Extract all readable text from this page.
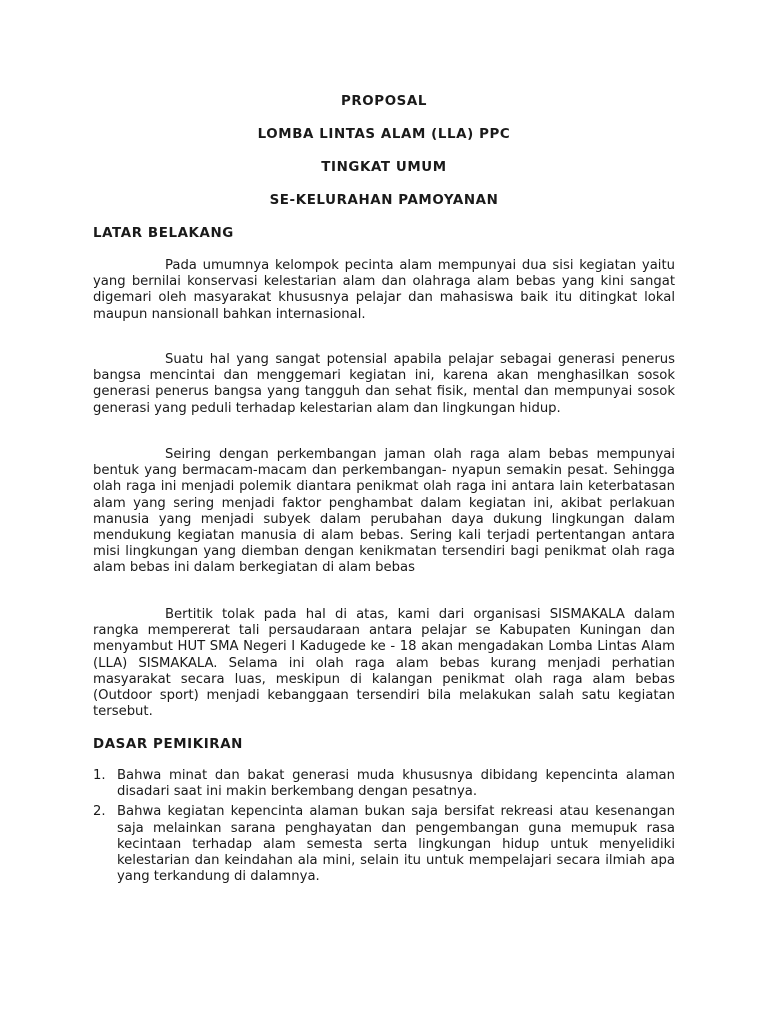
PROPOSAL

LOMBA LINTAS ALAM (LLA) PPC

TINGKAT UMUM

SE-KELURAHAN PAMOYANAN

LATAR BELAKANG

Pada umumnya kelompok pecinta alam mempunyai dua sisi kegiatan yaitu yang bernilai konservasi kelestarian alam dan olahraga alam bebas yang kini sangat digemari oleh masyarakat khususnya pelajar dan mahasiswa baik itu ditingkat lokal maupun nansionall bahkan internasional.

Suatu hal yang sangat potensial apabila pelajar sebagai generasi penerus bangsa mencintai dan menggemari kegiatan ini, karena akan menghasilkan sosok generasi penerus bangsa yang tangguh dan sehat fisik, mental dan mempunyai sosok generasi yang peduli terhadap kelestarian alam dan lingkungan hidup.

Seiring dengan perkembangan jaman olah raga alam bebas mempunyai bentuk yang bermacam-macam dan perkembangan- nyapun semakin pesat. Sehingga olah raga ini menjadi polemik diantara penikmat olah raga ini antara lain keterbatasan alam yang sering menjadi faktor penghambat dalam kegiatan ini, akibat perlakuan manusia yang menjadi subyek dalam perubahan daya dukung lingkungan dalam mendukung kegiatan manusia di alam bebas. Sering kali terjadi pertentangan antara misi lingkungan yang diemban dengan kenikmatan tersendiri bagi penikmat olah raga alam bebas ini dalam berkegiatan di alam bebas

Bertitik tolak pada hal di atas, kami dari organisasi SISMAKALA dalam rangka mempererat tali persaudaraan antara pelajar se Kabupaten Kuningan dan menyambut HUT SMA Negeri I Kadugede ke - 18 akan mengadakan Lomba Lintas Alam (LLA) SISMAKALA. Selama ini olah raga alam bebas kurang menjadi perhatian masyarakat secara luas, meskipun di kalangan penikmat olah raga alam bebas (Outdoor sport) menjadi kebanggaan tersendiri bila melakukan salah satu kegiatan tersebut.

DASAR PEMIKIRAN

1. Bahwa minat dan bakat generasi muda khususnya dibidang kepencinta alaman disadari saat ini makin berkembang dengan pesatnya.
2. Bahwa kegiatan kepencinta alaman bukan saja bersifat rekreasi atau kesenangan saja melainkan sarana penghayatan dan pengembangan guna memupuk rasa kecintaan terhadap alam semesta serta lingkungan hidup untuk menyelidiki kelestarian dan keindahan ala mini, selain itu untuk mempelajari secara ilmiah apa yang terkandung di dalamnya.
